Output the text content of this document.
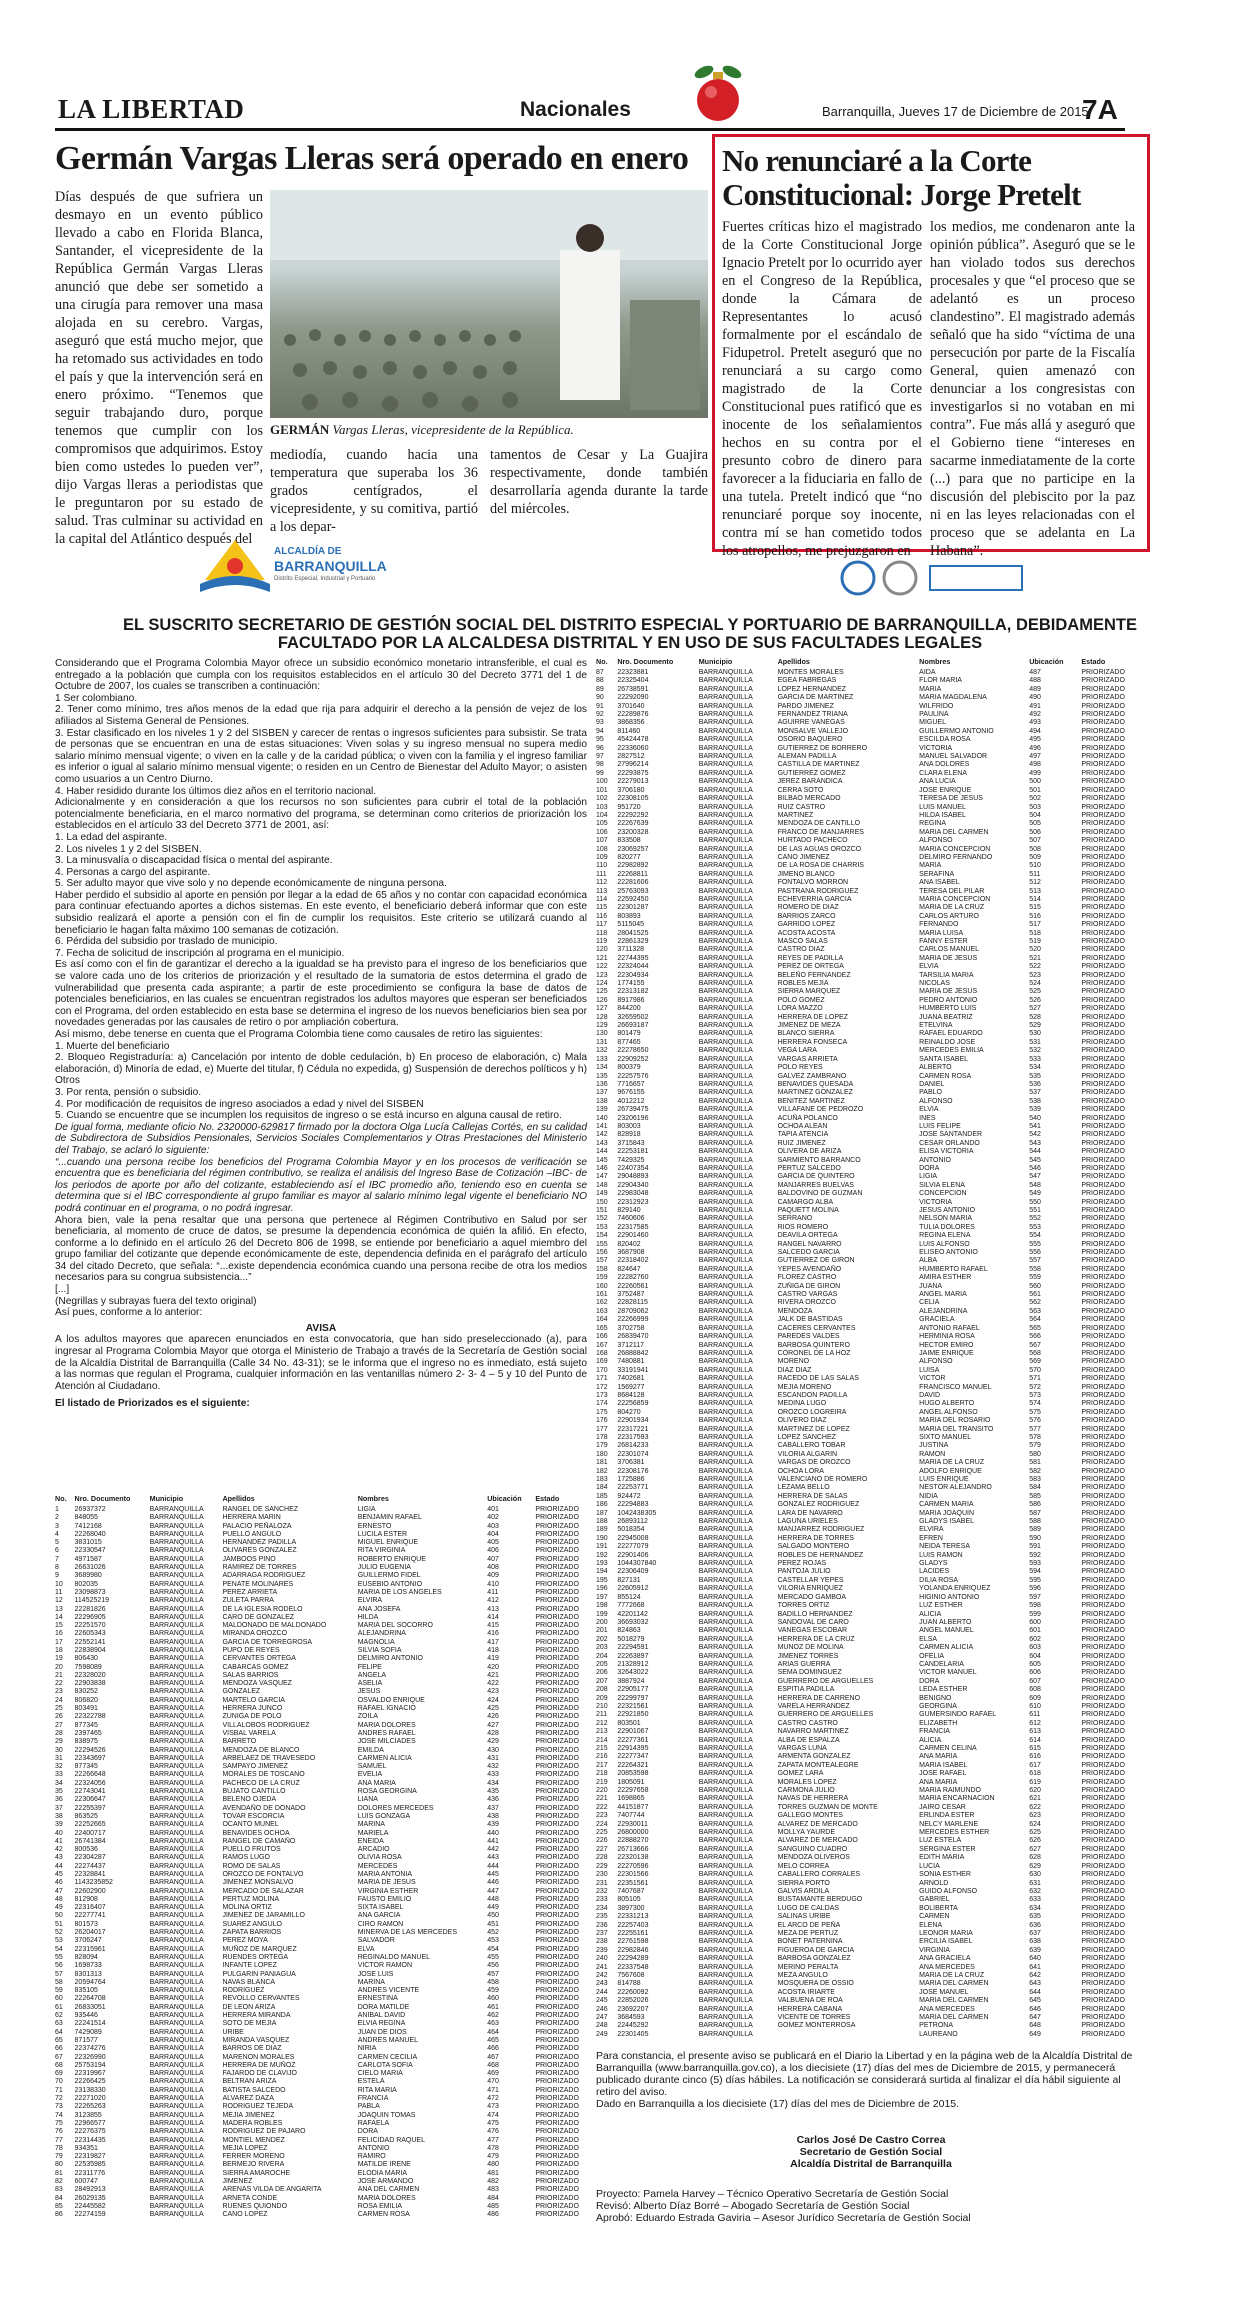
LA LIBERTAD	Nacionales	Barranquilla, Jueves 17 de Diciembre de 2015
7A
Germán Vargas Lleras será operado en enero

Días después de que sufriera un desmayo en un evento público llevado a cabo en Florida Blanca, Santander, el vicepresidente de la República Germán Vargas Lleras anunció que debe ser sometido a una cirugía para remover una masa alojada en su cerebro. Vargas, aseguró que está mucho mejor, que ha retomado sus actividades en todo el país y que la intervención será en enero próximo. “Tenemos que seguir trabajando duro, porque tenemos que cumplir con los compromisos que adquirimos. Estoy bien como ustedes lo pueden ver”, dijo Vargas lleras a periodistas que le preguntaron por su estado de salud. Tras culminar su actividad en la capital del Atlántico después del

GERMÁN Vargas Lleras, vicepresidente de la República.

mediodía, cuando hacia una temperatura que superaba los 36 grados centígrados, el vicepresidente, y su comitiva, partió a los depar-

tamentos de Cesar y La Guajira respectivamente, donde también desarrollaría agenda durante la tarde del miércoles.

No renunciaré a la Corte Constitucional: Jorge Pretelt

Fuertes críticas hizo el magistrado de la Corte Constitucional Jorge Ignacio Pretelt por lo ocurrido ayer en el Congreso de la República, donde la Cámara de Representantes lo acusó formalmente por el escándalo de Fidupetrol. Pretelt aseguró que no renunciará a su cargo como magistrado de la Corte Constitucional pues ratificó que es inocente de los señalamientos hechos en su contra por el presunto cobro de dinero para favorecer a la fiduciaria en fallo de una tutela. Pretelt indicó que “no renunciaré porque soy inocente, contra mí se han cometido todos los atropellos, me prejuzgaron en

los medios, me condenaron ante la opinión pública”. Aseguró que se le han violado todos sus derechos procesales y que “el proceso que se adelantó es un proceso clandestino”. El magistrado además señaló que ha sido “víctima de una persecución por parte de la Fiscalía General, quien amenazó con denunciar a los congresistas con investigarlos si no votaban en mi contra”. Fue más allá y aseguró que el Gobierno tiene “intereses en sacarme inmediatamente de la corte (...) para que no participe en la discusión del plebiscito por la paz ni en las leyes relacionadas con el proceso que se adelanta en La Habana”.

ALCALDÍA DE
BARRANQUILLA
Distrito Especial, Industrial y Portuario
EL SUSCRITO SECRETARIO DE GESTIÓN SOCIAL DEL DISTRITO ESPECIAL Y PORTUARIO DE BARRANQUILLA, DEBIDAMENTE FACULTADO POR LA ALCALDESA DISTRITAL Y EN USO DE SUS FACULTADES LEGALES

Considerando que el Programa Colombia Mayor ofrece un subsidio económico monetario intransferible, el cual es entregado a la población que cumpla con los requisitos establecidos en el artículo 30 del Decreto 3771 del 1 de Octubre de 2007, los cuales se transcriben a continuación:

1 Ser colombiano.

2. Tener como mínimo, tres años menos de la edad que rija para adquirir el derecho a la pensión de vejez de los afiliados al Sistema General de Pensiones.

3. Estar clasificado en los niveles 1 y 2 del SISBEN y carecer de rentas o ingresos suficientes para subsistir. Se trata de personas que se encuentran en una de estas situaciones: Viven solas y su ingreso mensual no supera medio salario mínimo mensual vigente; o viven en la calle y de la caridad pública; o viven con la familia y el ingreso familiar es inferior o igual al salario mínimo mensual vigente; o residen en un Centro de Bienestar del Adulto Mayor; o asisten como usuarios a un Centro Diurno.

4. Haber residido durante los últimos diez años en el territorio nacional.

Adicionalmente y en consideración a que los recursos no son suficientes para cubrir el total de la población potencialmente beneficiaria, en el marco normativo del programa, se determinan como criterios de priorización los establecidos en el artículo 33 del Decreto 3771 de 2001, así:

1. La edad del aspirante.

2. Los niveles 1 y 2 del SISBEN.

3. La minusvalía o discapacidad física o mental del aspirante.

4. Personas a cargo del aspirante.

5. Ser adulto mayor que vive solo y no depende económicamente de ninguna persona.

Haber perdido el subsidio al aporte en pensión por llegar a la edad de 65 años y no contar con capacidad económica para continuar efectuando aportes a dichos sistemas. En este evento, el beneficiario deberá informar que con este subsidio realizará el aporte a pensión con el fin de cumplir los requisitos. Este criterio se utilizará cuando al beneficiario le hagan falta máximo 100 semanas de cotización.

6. Pérdida del subsidio por traslado de municipio.

7. Fecha de solicitud de inscripción al programa en el municipio.

Es así como con el fin de garantizar el derecho a la igualdad se ha previsto para el ingreso de los beneficiarios que se valore cada uno de los criterios de priorización y el resultado de la sumatoria de estos determina el grado de vulnerabilidad que presenta cada aspirante; a partir de este procedimiento se configura la base de datos de potenciales beneficiarios, en las cuales se encuentran registrados los adultos mayores que esperan ser beneficiados con el Programa, del orden establecido en esta base se determina el ingreso de los nuevos beneficiarios bien sea por novedades generadas por las causales de retiro o por ampliación cobertura.

Así mismo, debe tenerse en cuenta que el Programa Colombia tiene como causales de retiro las siguientes:

1. Muerte del beneficiario

2. Bloqueo Registraduría: a) Cancelación por intento de doble cedulación, b) En proceso de elaboración, c) Mala elaboración, d) Minoría de edad, e) Muerte del titular, f) Cédula no expedida, g) Suspensión de derechos políticos y h) Otros

3. Por renta, pensión o subsidio.

4. Por modificación de requisitos de ingreso asociados a edad y nivel del SISBEN

5. Cuando se encuentre que se incumplen los requisitos de ingreso o se está incurso en alguna causal de retiro.

De igual forma, mediante oficio No. 2320000-629817 firmado por la doctora Olga Lucía Callejas Cortés, en su calidad de Subdirectora de Subsidios Pensionales, Servicios Sociales Complementarios y Otras Prestaciones del Ministerio del Trabajo, se aclaró lo siguiente:

“...cuando una persona recibe los beneficios del Programa Colombia Mayor y en los procesos de verificación se encuentra que es beneficiaria del régimen contributivo, se realiza el análisis del Ingreso Base de Cotización –IBC- de los periodos de aporte por año del cotizante, estableciendo así el IBC promedio año, teniendo eso en cuenta se determina que si el IBC correspondiente al grupo familiar es mayor al salario mínimo legal vigente el beneficiario NO podrá continuar en el programa, o no podrá ingresar.

Ahora bien, vale la pena resaltar que una persona que pertenece al Régimen Contributivo en Salud por ser beneficiaria, al momento de cruce de datos, se presume la dependencia económica de quién la afilió. En efecto, conforme a lo definido en el artículo 26 del Decreto 806 de 1998, se entiende por beneficiario a aquel miembro del grupo familiar del cotizante que depende económicamente de este, dependencia definida en el parágrafo del artículo 34 del citado Decreto, que señala: “...existe dependencia económica cuando una persona recibe de otra los medios necesarios para su congrua subsistencia...”

[...]

(Negrillas y subrayas fuera del texto original)

Así pues, conforme a lo anterior:

AVISA

A los adultos mayores que aparecen enunciados en esta convocatoria, que han sido preseleccionado (a), para ingresar al Programa Colombia Mayor que otorga el Ministerio de Trabajo a través de la Secretaría de Gestión social de la Alcaldía Distrital de Barranquilla (Calle 34 No. 43-31); se le informa que el ingreso no es inmediato, está sujeto a las normas que regulan el Programa, cualquier información en las ventanillas número 2- 3- 4 – 5 y 10 del Punto de Atención al Ciudadano.

El listado de Priorizados es el siguiente:

No.	Nro. Documento	Municipio	Apellidos	Nombres	Ubicación	Estado
1	26937372	BARRANQUILLA	RANGEL DE SANCHEZ	LIGIA	401	PRIORIZADO
2	848055	BARRANQUILLA	HERRERA MARIN	BENJAMIN RAFAEL	402	PRIORIZADO
3	7412168	BARRANQUILLA	PALACIO PEÑALOZA	ERNESTO	403	PRIORIZADO
4	22268040	BARRANQUILLA	PUELLO ANGULO	LUCILA ESTER	404	PRIORIZADO
5	3831015	BARRANQUILLA	HERNANDEZ PADILLA	MIGUEL ENRIQUE	405	PRIORIZADO
6	22330547	BARRANQUILLA	OLIVARES GONZALEZ	RITA VIRGINIA	406	PRIORIZADO
7	4971587	BARRANQUILLA	JAMBOOS PINO	ROBERTO ENRIQUE	407	PRIORIZADO
8	26631026	BARRANQUILLA	RAMIREZ DE TORRES	JULIO EUGENIA	408	PRIORIZADO
9	3689980	BARRANQUILLA	ADARRAGA RODRIGUEZ	GUILLERMO FIDEL	409	PRIORIZADO
10	802035	BARRANQUILLA	PENATE MOLINARES	EUSEBIO ANTONIO	410	PRIORIZADO
11	23098873	BARRANQUILLA	PEREZ ARRIETA	MARIA DE LOS ANGELES	411	PRIORIZADO
12	114525219	BARRANQUILLA	ZULETA PARRA	ELVIRA	412	PRIORIZADO
13	22281826	BARRANQUILLA	DE LA IGLESIA RODELO	ANA JOSEFA	413	PRIORIZADO
14	22296905	BARRANQUILLA	CARO DE GONZALEZ	HILDA	414	PRIORIZADO
15	22251570	BARRANQUILLA	MALDONADO DE MALDONADO	MARIA DEL SOCORRO	415	PRIORIZADO
16	22605343	BARRANQUILLA	MIRANDA OROZCO	ALEJANDRINA	416	PRIORIZADO
17	22552141	BARRANQUILLA	GARCIA DE TORREGROSA	MAGNOLIA	417	PRIORIZADO
18	22838904	BARRANQUILLA	PUPO DE REYES	SILVIA SOFIA	418	PRIORIZADO
19	806430	BARRANQUILLA	CERVANTES ORTEGA	DELMIRO ANTONIO	419	PRIORIZADO
20	7598089	BARRANQUILLA	CABARCAS GOMEZ	FELIPE	420	PRIORIZADO
21	22328020	BARRANQUILLA	SALAS BARRIOS	ANGELA	421	PRIORIZADO
22	22903838	BARRANQUILLA	MENDOZA VASQUEZ	ASELIA	422	PRIORIZADO
23	830252	BARRANQUILLA	GONZALEZ	JESUS	423	PRIORIZADO
24	806820	BARRANQUILLA	MARTELO GARCIA	OSVALDO ENRIQUE	424	PRIORIZADO
25	803491	BARRANQUILLA	HERRERA JUNCO	RAFAEL IGNACIO	425	PRIORIZADO
26	22322788	BARRANQUILLA	ZUÑIGA DE POLO	ZOILA	426	PRIORIZADO
27	877345	BARRANQUILLA	VILLALOBOS RODRIGUEZ	MARIA DOLORES	427	PRIORIZADO
28	2397465	BARRANQUILLA	VISBAL VARELA	ANDRES RAFAEL	428	PRIORIZADO
29	838975	BARRANQUILLA	BARRETO	JOSE MILCIADES	429	PRIORIZADO
30	22294526	BARRANQUILLA	MENDOZA DE BLANCO	EMILDA	430	PRIORIZADO
31	22343697	BARRANQUILLA	ARBELAEZ DE TRAVESEDO	CARMEN ALICIA	431	PRIORIZADO
32	877345	BARRANQUILLA	SAMPAYO JIMENEZ	SAMUEL	432	PRIORIZADO
33	22266648	BARRANQUILLA	MORALES DE TOSCANO	EVELIA	433	PRIORIZADO
34	22324056	BARRANQUILLA	PACHECO DE LA CRUZ	ANA MARIA	434	PRIORIZADO
35	22743041	BARRANQUILLA	BUJATO CANTILLO	ROSA GEORGINA	435	PRIORIZADO
36	22306647	BARRANQUILLA	BELENO OJEDA	LIANA	436	PRIORIZADO
37	22255397	BARRANQUILLA	AVENDAÑO DE DONADO	DOLORES MERCEDES	437	PRIORIZADO
38	863525	BARRANQUILLA	TOVAR ESCORCIA	LUIS GONZAGA	438	PRIORIZADO
39	22252665	BARRANQUILLA	OCANTO MUÑEL	MARINA	439	PRIORIZADO
40	22400717	BARRANQUILLA	BENAVIDES OCHOA	MARIELA	440	PRIORIZADO
41	26741384	BARRANQUILLA	RANGEL DE CAMAÑO	ENEIDA	441	PRIORIZADO
42	800536	BARRANQUILLA	PUELLO FRUTOS	ARCADIO	442	PRIORIZADO
43	22304287	BARRANQUILLA	RAMOS LUGO	OLIVIA ROSA	443	PRIORIZADO
44	22274437	BARRANQUILLA	ROMO DE SALAS	MERCEDES	444	PRIORIZADO
45	22328841	BARRANQUILLA	OROZCO DE FONTALVO	MARIA ANTONIA	445	PRIORIZADO
46	1143235852	BARRANQUILLA	JIMENEZ MONSALVO	MARIA DE JESUS	446	PRIORIZADO
47	22602900	BARRANQUILLA	MERCADO DE SALAZAR	VIRGINIA ESTHER	447	PRIORIZADO
48	812908	BARRANQUILLA	PERTUZ MOLINA	FAUSTO EMILIO	448	PRIORIZADO
49	22316407	BARRANQUILLA	MOLINA ORTIZ	SIXTA ISABEL	449	PRIORIZADO
50	22277741	BARRANQUILLA	JIMENEZ DE JARAMILLO	ANA GARCIA	450	PRIORIZADO
51	801573	BARRANQUILLA	SUAREZ ANGULO	CIRO RAMON	451	PRIORIZADO
52	26204017	BARRANQUILLA	ZAPATA BARRIOS	MINERVA DE LAS MERCEDES	452	PRIORIZADO
53	3706247	BARRANQUILLA	PEREZ MOYA	SALVADOR	453	PRIORIZADO
54	22315961	BARRANQUILLA	MUÑOZ DE MARQUEZ	ELVA	454	PRIORIZADO
55	828094	BARRANQUILLA	RUENDES ORTEGA	REGINALDO MANUEL	455	PRIORIZADO
56	1698733	BARRANQUILLA	INFANTE LOPEZ	VICTOR RAMON	456	PRIORIZADO
57	8301313	BARRANQUILLA	PULGARIN PANIAGUA	JOSE LUIS	457	PRIORIZADO
58	20594764	BARRANQUILLA	NAVAS BLANCA	MARINA	458	PRIORIZADO
59	835105	BARRANQUILLA	RODRIGUEZ	ANDRES VICENTE	459	PRIORIZADO
60	22264708	BARRANQUILLA	REVOLLO CERVANTES	ERNESTINA	460	PRIORIZADO
61	26833051	BARRANQUILLA	DE LEON ARIZA	DORA MATILDE	461	PRIORIZADO
62	935446	BARRANQUILLA	HERRERA MIRANDA	ANIBAL DAVID	462	PRIORIZADO
63	22241514	BARRANQUILLA	SOTO DE MEJIA	ELVIA REGINA	463	PRIORIZADO
64	7429089	BARRANQUILLA	URIBE	JUAN DE DIOS	464	PRIORIZADO
65	871577	BARRANQUILLA	MIRANDA VASQUEZ	ANDRES MANUEL	465	PRIORIZADO
66	22374276	BARRANQUILLA	BARROS DE DIAZ	NIRIA	466	PRIORIZADO
67	22326990	BARRANQUILLA	MARENON MORALES	CARMEN CECILIA	467	PRIORIZADO
68	25753194	BARRANQUILLA	HERRERA DE MUÑOZ	CARLOTA SOFIA	468	PRIORIZADO
69	22319967	BARRANQUILLA	FAJARDO DE CLAVIJO	CIELO MARIA	469	PRIORIZADO
70	22266425	BARRANQUILLA	BELTRAN ARIZA	ESTELA	470	PRIORIZADO
71	23138330	BARRANQUILLA	BATISTA SALCEDO	RITA MARIA	471	PRIORIZADO
72	22271020	BARRANQUILLA	ALVAREZ DAZA	FRANCIA	472	PRIORIZADO
73	22265263	BARRANQUILLA	RODRIGUEZ TEJEDA	PABLA	473	PRIORIZADO
74	3123855	BARRANQUILLA	MEJIA JIMENEZ	JOAQUIN TOMAS	474	PRIORIZADO
75	22966577	BARRANQUILLA	MADERA ROBLES	RAFAELA	475	PRIORIZADO
76	22276375	BARRANQUILLA	RODRIGUEZ DE PAJARO	DORA	476	PRIORIZADO
77	22314435	BARRANQUILLA	MONTIEL MENDEZ	FELICIDAD RAQUEL	477	PRIORIZADO
78	934351	BARRANQUILLA	MEJIA LOPEZ	ANTONIO	478	PRIORIZADO
79	22319827	BARRANQUILLA	FERRER MORENO	RAMIRO	479	PRIORIZADO
80	22535985	BARRANQUILLA	BERMEJO RIVERA	MATILDE IRENE	480	PRIORIZADO
81	22311776	BARRANQUILLA	SIERRA AMAROCHE	ELODIA MARIA	481	PRIORIZADO
82	600747	BARRANQUILLA	JIMENEZ	JOSE ARMANDO	482	PRIORIZADO
83	28492913	BARRANQUILLA	ARENAS VILDA DE ANGARITA	ANA DEL CARMEN	483	PRIORIZADO
84	26029135	BARRANQUILLA	ARNETA CONDE	MARIA DOLORES	484	PRIORIZADO
85	22445582	BARRANQUILLA	RUENES QUIONDO	ROSA EMILIA	485	PRIORIZADO
86	22274159	BARRANQUILLA	CANO LOPEZ	CARMEN ROSA	486	PRIORIZADO
No.	Nro. Documento	Municipio	Apellidos	Nombres	Ubicación	Estado
87	22323881	BARRANQUILLA	MONTES MORALES	AIDA	487	PRIORIZADO
88	22325404	BARRANQUILLA	EGEA FABREGAS	FLOR MARIA	488	PRIORIZADO
89	26738591	BARRANQUILLA	LOPEZ HERNANDEZ	MARIA	489	PRIORIZADO
90	22292090	BARRANQUILLA	GARCIA DE MARTINEZ	MARIA MAGDALENA	490	PRIORIZADO
91	3701640	BARRANQUILLA	PARDO JIMENEZ	WILFRIDO	491	PRIORIZADO
92	22289876	BARRANQUILLA	FERNANDEZ TRIANA	PAULINA	492	PRIORIZADO
93	3868356	BARRANQUILLA	AGUIRRE VANEGAS	MIGUEL	493	PRIORIZADO
94	811460	BARRANQUILLA	MONSALVE VALLEJO	GUILLERMO ANTONIO	494	PRIORIZADO
95	45424478	BARRANQUILLA	OSORIO BAQUERO	ESCILDA ROSA	495	PRIORIZADO
96	22336060	BARRANQUILLA	GUTIERREZ DE BORRERO	VICTORIA	496	PRIORIZADO
97	2827512	BARRANQUILLA	ALEMAN PADILLA	MANUEL SALVADOR	497	PRIORIZADO
98	27996214	BARRANQUILLA	CASTILLA DE MARTINEZ	ANA DOLORES	498	PRIORIZADO
99	22293875	BARRANQUILLA	GUTIERREZ GOMEZ	CLARA ELENA	499	PRIORIZADO
100	22279013	BARRANQUILLA	JEREZ BARANDICA	ANA LUCIA	500	PRIORIZADO
101	3706180	BARRANQUILLA	CERRA SOTO	JOSE ENRIQUE	501	PRIORIZADO
102	22308105	BARRANQUILLA	BILBAO MERCADO	TERESA DE JESUS	502	PRIORIZADO
103	951720	BARRANQUILLA	RUIZ CASTRO	LUIS MANUEL	503	PRIORIZADO
104	22292292	BARRANQUILLA	MARTINEZ	HILDA ISABEL	504	PRIORIZADO
105	22267639	BARRANQUILLA	MENDOZA DE CANTILLO	REGINA	505	PRIORIZADO
106	23200328	BARRANQUILLA	FRANCO DE MANJARRES	MARIA DEL CARMEN	506	PRIORIZADO
107	833508	BARRANQUILLA	HURTADO PACHECO	ALFONSO	507	PRIORIZADO
108	23069257	BARRANQUILLA	DE LAS AGUAS OROZCO	MARIA CONCEPCION	508	PRIORIZADO
109	820277	BARRANQUILLA	CANO JIMENEZ	DELMIRO FERNANDO	509	PRIORIZADO
110	22982892	BARRANQUILLA	DE LA ROSA DE CHARRIS	MARIA	510	PRIORIZADO
111	22268811	BARRANQUILLA	JIMENO BLANCO	SERAFINA	511	PRIORIZADO
112	22281606	BARRANQUILLA	FONTALVO MORRON	ANA ISABEL	512	PRIORIZADO
113	25763093	BARRANQUILLA	PASTRANA RODRIGUEZ	TERESA DEL PILAR	513	PRIORIZADO
114	22592450	BARRANQUILLA	ECHEVERRIA GARCIA	MARIA CONCEPCION	514	PRIORIZADO
115	22301287	BARRANQUILLA	ROMERO DE DIAZ	MARIA DE LA CRUZ	515	PRIORIZADO
116	803893	BARRANQUILLA	BARRIOS ZARCO	CARLOS ARTURO	516	PRIORIZADO
117	5115045	BARRANQUILLA	GARRIDO LOPEZ	FERNANDO	517	PRIORIZADO
118	28041525	BARRANQUILLA	ACOSTA ACOSTA	MARIA LUISA	518	PRIORIZADO
119	22861329	BARRANQUILLA	MASCO SALAS	FANNY ESTER	519	PRIORIZADO
120	3711328	BARRANQUILLA	CASTRO DIAZ	CARLOS MANUEL	520	PRIORIZADO
121	22744395	BARRANQUILLA	REYES DE PADILLA	MARIA DE JESUS	521	PRIORIZADO
122	22324044	BARRANQUILLA	PEREZ DE ORTEGA	ELVIA	522	PRIORIZADO
123	22304934	BARRANQUILLA	BELEÑO FERNANDEZ	TARSILIA MARIA	523	PRIORIZADO
124	1774155	BARRANQUILLA	ROBLES MEJIA	NICOLAS	524	PRIORIZADO
125	22313182	BARRANQUILLA	SIERRA MARQUEZ	MARIA DE JESUS	525	PRIORIZADO
126	8917986	BARRANQUILLA	POLO GOMEZ	PEDRO ANTONIO	526	PRIORIZADO
127	844200	BARRANQUILLA	LORA MAZZO	HUMBERTO LUIS	527	PRIORIZADO
128	32659502	BARRANQUILLA	HERRERA DE LOPEZ	JUANA BEATRIZ	528	PRIORIZADO
129	26693187	BARRANQUILLA	JIMENEZ DE MEZA	ETELVINA	529	PRIORIZADO
130	801479	BARRANQUILLA	BLANCO SIERRA	RAFAEL EDUARDO	530	PRIORIZADO
131	877465	BARRANQUILLA	HERRERA FONSECA	REINALDO JOSE	531	PRIORIZADO
132	22278650	BARRANQUILLA	VEGA LARA	MERCEDES EMILIA	532	PRIORIZADO
133	22909252	BARRANQUILLA	VARGAS ARRIETA	SANTA ISABEL	533	PRIORIZADO
134	800379	BARRANQUILLA	POLO REYES	ALBERTO	534	PRIORIZADO
135	22257576	BARRANQUILLA	GALVEZ ZAMBRANO	CARMEN ROSA	535	PRIORIZADO
136	7716657	BARRANQUILLA	BENAVIDES QUESADA	DANIEL	536	PRIORIZADO
137	9676155	BARRANQUILLA	MARTINEZ GONZALEZ	PABLO	537	PRIORIZADO
138	4012212	BARRANQUILLA	BENITEZ MARTINEZ	ALFONSO	538	PRIORIZADO
139	26739475	BARRANQUILLA	VILLAFANE DE PEDROZO	ELVIA	539	PRIORIZADO
140	23206196	BARRANQUILLA	ACUÑA POLANCO	INES	540	PRIORIZADO
141	803003	BARRANQUILLA	OCHOA ALEAN	LUIS FELIPE	541	PRIORIZADO
142	828918	BARRANQUILLA	TAPIA ATENCIA	JOSE SANTANDER	542	PRIORIZADO
143	3715843	BARRANQUILLA	RUIZ JIMENEZ	CESAR ORLANDO	543	PRIORIZADO
144	22253181	BARRANQUILLA	OLIVERA DE ARIZA	ELISA VICTORIA	544	PRIORIZADO
145	7429325	BARRANQUILLA	SARMIENTO BARRANCO	ANTONIO	545	PRIORIZADO
146	22407354	BARRANQUILLA	PERTUZ SALCEDO	DORA	546	PRIORIZADO
147	29048893	BARRANQUILLA	GARCIA DE QUINTERO	LIGIA	547	PRIORIZADO
148	22904340	BARRANQUILLA	MANJARRES BUELVAS	SILVIA ELENA	548	PRIORIZADO
149	22983048	BARRANQUILLA	BALDOVINO DE GUZMAN	CONCEPCION	549	PRIORIZADO
150	22312923	BARRANQUILLA	CAMARGO ALBA	VICTORIA	550	PRIORIZADO
151	829140	BARRANQUILLA	PAQUETT MOLINA	JESUS ANTONIO	551	PRIORIZADO
152	7460606	BARRANQUILLA	SERRANO	NELSON MARIA	552	PRIORIZADO
153	22317585	BARRANQUILLA	RIOS ROMERO	TULIA DOLORES	553	PRIORIZADO
154	22901460	BARRANQUILLA	DEAVILA ORTEGA	REGINA ELENA	554	PRIORIZADO
155	820402	BARRANQUILLA	RANGEL NAVARRO	LUIS ALFONSO	555	PRIORIZADO
156	3687908	BARRANQUILLA	SALCEDO GARCIA	ELISEO ANTONIO	556	PRIORIZADO
157	22318402	BARRANQUILLA	GUTIERREZ DE GIRON	ALBA	557	PRIORIZADO
158	824647	BARRANQUILLA	YEPES AVENDAÑO	HUMBERTO RAFAEL	558	PRIORIZADO
159	22282760	BARRANQUILLA	FLOREZ CASTRO	AMIRA ESTHER	559	PRIORIZADO
160	22260561	BARRANQUILLA	ZUÑIGA DE GIRON	JUANA	560	PRIORIZADO
161	3752487	BARRANQUILLA	CASTRO VARGAS	ANGEL MARIA	561	PRIORIZADO
162	22828115	BARRANQUILLA	RIVERA OROZCO	CELIA	562	PRIORIZADO
163	28709062	BARRANQUILLA	MENDOZA	ALEJANDRINA	563	PRIORIZADO
164	22266999	BARRANQUILLA	JALK DE BASTIDAS	GRACIELA	564	PRIORIZADO
165	3702758	BARRANQUILLA	CACERES CERVANTES	ANTONIO RAFAEL	565	PRIORIZADO
166	26839470	BARRANQUILLA	PAREDES VALDES	HERMINIA ROSA	566	PRIORIZADO
167	3712117	BARRANQUILLA	BARBOSA QUINTERO	HECTOR EMIRO	567	PRIORIZADO
168	26888842	BARRANQUILLA	CORONEL DE LA HOZ	JAIME ENRIQUE	568	PRIORIZADO
169	7480881	BARRANQUILLA	MORENO	ALFONSO	569	PRIORIZADO
170	33191941	BARRANQUILLA	DIAZ DIAZ	LUISA	570	PRIORIZADO
171	7402681	BARRANQUILLA	RACEDO DE LAS SALAS	VICTOR	571	PRIORIZADO
172	1569277	BARRANQUILLA	MEJIA MORENO	FRANCISCO MANUEL	572	PRIORIZADO
173	8684128	BARRANQUILLA	ESCANDON PADILLA	DAVID	573	PRIORIZADO
174	22256859	BARRANQUILLA	MEDINA LUGO	HUGO ALBERTO	574	PRIORIZADO
175	804270	BARRANQUILLA	OROZCO LOGREIRA	ANGEL ALFONSO	575	PRIORIZADO
176	22901934	BARRANQUILLA	OLIVERO DIAZ	MARIA DEL ROSARIO	576	PRIORIZADO
177	22317221	BARRANQUILLA	MARTINEZ DE LOPEZ	MARIA DEL TRANSITO	577	PRIORIZADO
178	22317593	BARRANQUILLA	LOPEZ SANCHEZ	SIXTO MANUEL	578	PRIORIZADO
179	26814233	BARRANQUILLA	CABALLERO TOBAR	JUSTINA	579	PRIORIZADO
180	22301074	BARRANQUILLA	VILORIA ALGARIN	RAMON	580	PRIORIZADO
181	3706381	BARRANQUILLA	VARGAS DE OROZCO	MARIA DE LA CRUZ	581	PRIORIZADO
182	22308176	BARRANQUILLA	OCHOA LORA	ADOLFO ENRIQUE	582	PRIORIZADO
183	1725886	BARRANQUILLA	VALENCIANO DE ROMERO	LUIS ENRIQUE	583	PRIORIZADO
184	22253771	BARRANQUILLA	LEZAMA BELLO	NESTOR ALEJANDRO	584	PRIORIZADO
185	924472	BARRANQUILLA	HERRERA DE SALAS	NIDIA	585	PRIORIZADO
186	22294883	BARRANQUILLA	GONZALEZ RODRIGUEZ	CARMEN MARIA	586	PRIORIZADO
187	1042438305	BARRANQUILLA	LARA DE NAVARRO	MARIA JOAQUIN	587	PRIORIZADO
188	26893112	BARRANQUILLA	LAGUNA URIELES	GLADYS ISABEL	588	PRIORIZADO
189	5018354	BARRANQUILLA	MANJARREZ RODRIGUEZ	ELVIRA	589	PRIORIZADO
190	22945008	BARRANQUILLA	HERRERA DE TORRES	EFREN	590	PRIORIZADO
191	22277079	BARRANQUILLA	SALGADO MONTERO	NEIDA TERESA	591	PRIORIZADO
192	22901406	BARRANQUILLA	ROBLES DE HERNANDEZ	LUIS RAMON	592	PRIORIZADO
193	1044307840	BARRANQUILLA	PEREZ ROJAS	GLADYS	593	PRIORIZADO
194	22306409	BARRANQUILLA	PANTOJA JULIO	LACIDES	594	PRIORIZADO
195	827131	BARRANQUILLA	CASTELLAR YEPES	DILIA ROSA	595	PRIORIZADO
196	22605912	BARRANQUILLA	VILORIA ENRIQUEZ	YOLANDA ENRIQUEZ	596	PRIORIZADO
197	855124	BARRANQUILLA	MERCADO GAMBOA	HIGINIO ANTONIO	597	PRIORIZADO
198	7772668	BARRANQUILLA	TORRES ORTIZ	LUZ ESTHER	598	PRIORIZADO
199	42201142	BARRANQUILLA	BADILLO HERNANDEZ	ALICIA	599	PRIORIZADO
200	36693032	BARRANQUILLA	SANDOVAL DE CARO	JUAN ALBERTO	600	PRIORIZADO
201	824863	BARRANQUILLA	VANEGAS ESCOBAR	ANGEL MANUEL	601	PRIORIZADO
202	5018279	BARRANQUILLA	HERRERA DE LA CRUZ	ELSA	602	PRIORIZADO
203	22294591	BARRANQUILLA	MUÑOZ DE MOLINA	CARMEN ALICIA	603	PRIORIZADO
204	22263897	BARRANQUILLA	JIMENEZ TORRES	OFELIA	604	PRIORIZADO
205	21328912	BARRANQUILLA	ARIAS GUERRA	CANDELARIA	605	PRIORIZADO
206	32643022	BARRANQUILLA	SEMA DOMINGUEZ	VICTOR MANUEL	606	PRIORIZADO
207	3887924	BARRANQUILLA	GUERRERO DE ARGUELLES	DORA	607	PRIORIZADO
208	22905177	BARRANQUILLA	ESPITIA PADILLA	LEDA ESTHER	608	PRIORIZADO
209	22299797	BARRANQUILLA	HERRERA DE CARRENO	BENIGNO	609	PRIORIZADO
210	22321561	BARRANQUILLA	VARELA HERRANDEZ	GEORGINA	610	PRIORIZADO
211	22921850	BARRANQUILLA	GUERRERO DE ARGUELLES	GUMERSINDO RAFAEL	611	PRIORIZADO
212	803501	BARRANQUILLA	CASTRO CASTRO	ELIZABETH	612	PRIORIZADO
213	22901067	BARRANQUILLA	NAVARRO MARTINEZ	FRANCIA	613	PRIORIZADO
214	22277361	BARRANQUILLA	ALBA DE ESPALZA	ALICIA	614	PRIORIZADO
215	22914395	BARRANQUILLA	VARGAS LUNA	CARMEN CELINA	615	PRIORIZADO
216	22277347	BARRANQUILLA	ARMENTA GONZALEZ	ANA MARIA	616	PRIORIZADO
217	22264321	BARRANQUILLA	ZAPATA MONTEALEGRE	MARIA ISABEL	617	PRIORIZADO
218	20853598	BARRANQUILLA	GOMEZ LARA	JOSE RAFAEL	618	PRIORIZADO
219	1805091	BARRANQUILLA	MORALES LOPEZ	ANA MARIA	619	PRIORIZADO
220	22297658	BARRANQUILLA	CARMONA JULIO	MARIA RAIMUNDO	620	PRIORIZADO
221	1698865	BARRANQUILLA	NAVAS DE HERRERA	MARIA ENCARNACION	621	PRIORIZADO
222	44151877	BARRANQUILLA	TORRES GUZMAN DE MONTE	JAIRO CESAR	622	PRIORIZADO
223	7407744	BARRANQUILLA	GALLEGO MONTES	ERLINDA ESTER	623	PRIORIZADO
224	22930011	BARRANQUILLA	ALVAREZ DE MERCADO	NELCY MARLENE	624	PRIORIZADO
225	26800000	BARRANQUILLA	MOLLYA YAURDE	MERCEDES ESTHER	625	PRIORIZADO
226	22888270	BARRANQUILLA	ALVAREZ DE MERCADO	LUZ ESTELA	626	PRIORIZADO
227	26713666	BARRANQUILLA	SANGUINO CUADRO	SERGINA ESTER	627	PRIORIZADO
228	22320138	BARRANQUILLA	MENDOZA OLIVEROS	EDITH MARIA	628	PRIORIZADO
229	22270596	BARRANQUILLA	MELO CORREA	LUCIA	629	PRIORIZADO
230	22301566	BARRANQUILLA	CABALLERO CORRALES	SONIA ESTHER	630	PRIORIZADO
231	22351561	BARRANQUILLA	SIERRA PORTO	ARNOLD	631	PRIORIZADO
232	7407687	BARRANQUILLA	GALVIS ARDILA	GUIDO ALFONSO	632	PRIORIZADO
233	805105	BARRANQUILLA	BUSTAMANTE BERDUGO	GABRIEL	633	PRIORIZADO
234	3897300	BARRANQUILLA	LUGO DE CALDAS	BOLIBERTA	634	PRIORIZADO
235	22331213	BARRANQUILLA	SALINAS URIBE	CARMEN	635	PRIORIZADO
236	22257403	BARRANQUILLA	EL ARCO DE PEÑA	ELENA	636	PRIORIZADO
237	22255161	BARRANQUILLA	MEZA DE PERTUZ	LEONOR MARIA	637	PRIORIZADO
238	22761598	BARRANQUILLA	BONET PATERNINA	ERCILIA ISABEL	638	PRIORIZADO
239	22982846	BARRANQUILLA	FIGUEROA DE GARCIA	VIRGINIA	639	PRIORIZADO
240	22294289	BARRANQUILLA	BARBOSA GONZALEZ	ANA GRACIELA	640	PRIORIZADO
241	22337548	BARRANQUILLA	MERINO PERALTA	ANA MERCEDES	641	PRIORIZADO
242	7567608	BARRANQUILLA	MEZA ANGULO	MARIA DE LA CRUZ	642	PRIORIZADO
243	814788	BARRANQUILLA	MOSQUERA DE OSSIO	MARIA DEL CARMEN	643	PRIORIZADO
244	22260092	BARRANQUILLA	ACOSTA IRIARTE	JOSE MANUEL	644	PRIORIZADO
245	22852026	BARRANQUILLA	VALBUENA DE ROA	MARIA DEL CARMEN	645	PRIORIZADO
246	23692207	BARRANQUILLA	HERRERA CABANA	ANA MERCEDES	646	PRIORIZADO
247	3684593	BARRANQUILLA	VICENTE DE TORRES	MARIA DEL CARMEN	647	PRIORIZADO
248	22445292	BARRANQUILLA	GOMEZ MONTERROSA	PETRONA	648	PRIORIZADO
249	22301405	BARRANQUILLA		LAUREANO	649	PRIORIZADO

Para constancia, el presente aviso se publicará en el Diario la Libertad y en la página web de la Alcaldía Distrital de Barranquilla (www.barranquilla.gov.co), a los diecisiete (17) días del mes de Diciembre de 2015, y permanecerá publicado durante cinco (5) días hábiles. La notificación se considerará surtida al finalizar el día hábil siguiente al retiro del aviso.

Dado en Barranquilla a los diecisiete (17) días del mes de Diciembre de 2015.

Carlos José De Castro Correa
Secretario de Gestión Social
Alcaldía Distrital de Barranquilla
Proyecto: Pamela Harvey – Técnico Operativo Secretaría de Gestión Social
Revisó: Alberto Díaz Borré – Abogado Secretaría de Gestión Social
Aprobó: Eduardo Estrada Gaviria – Asesor Jurídico Secretaría de Gestión Social
